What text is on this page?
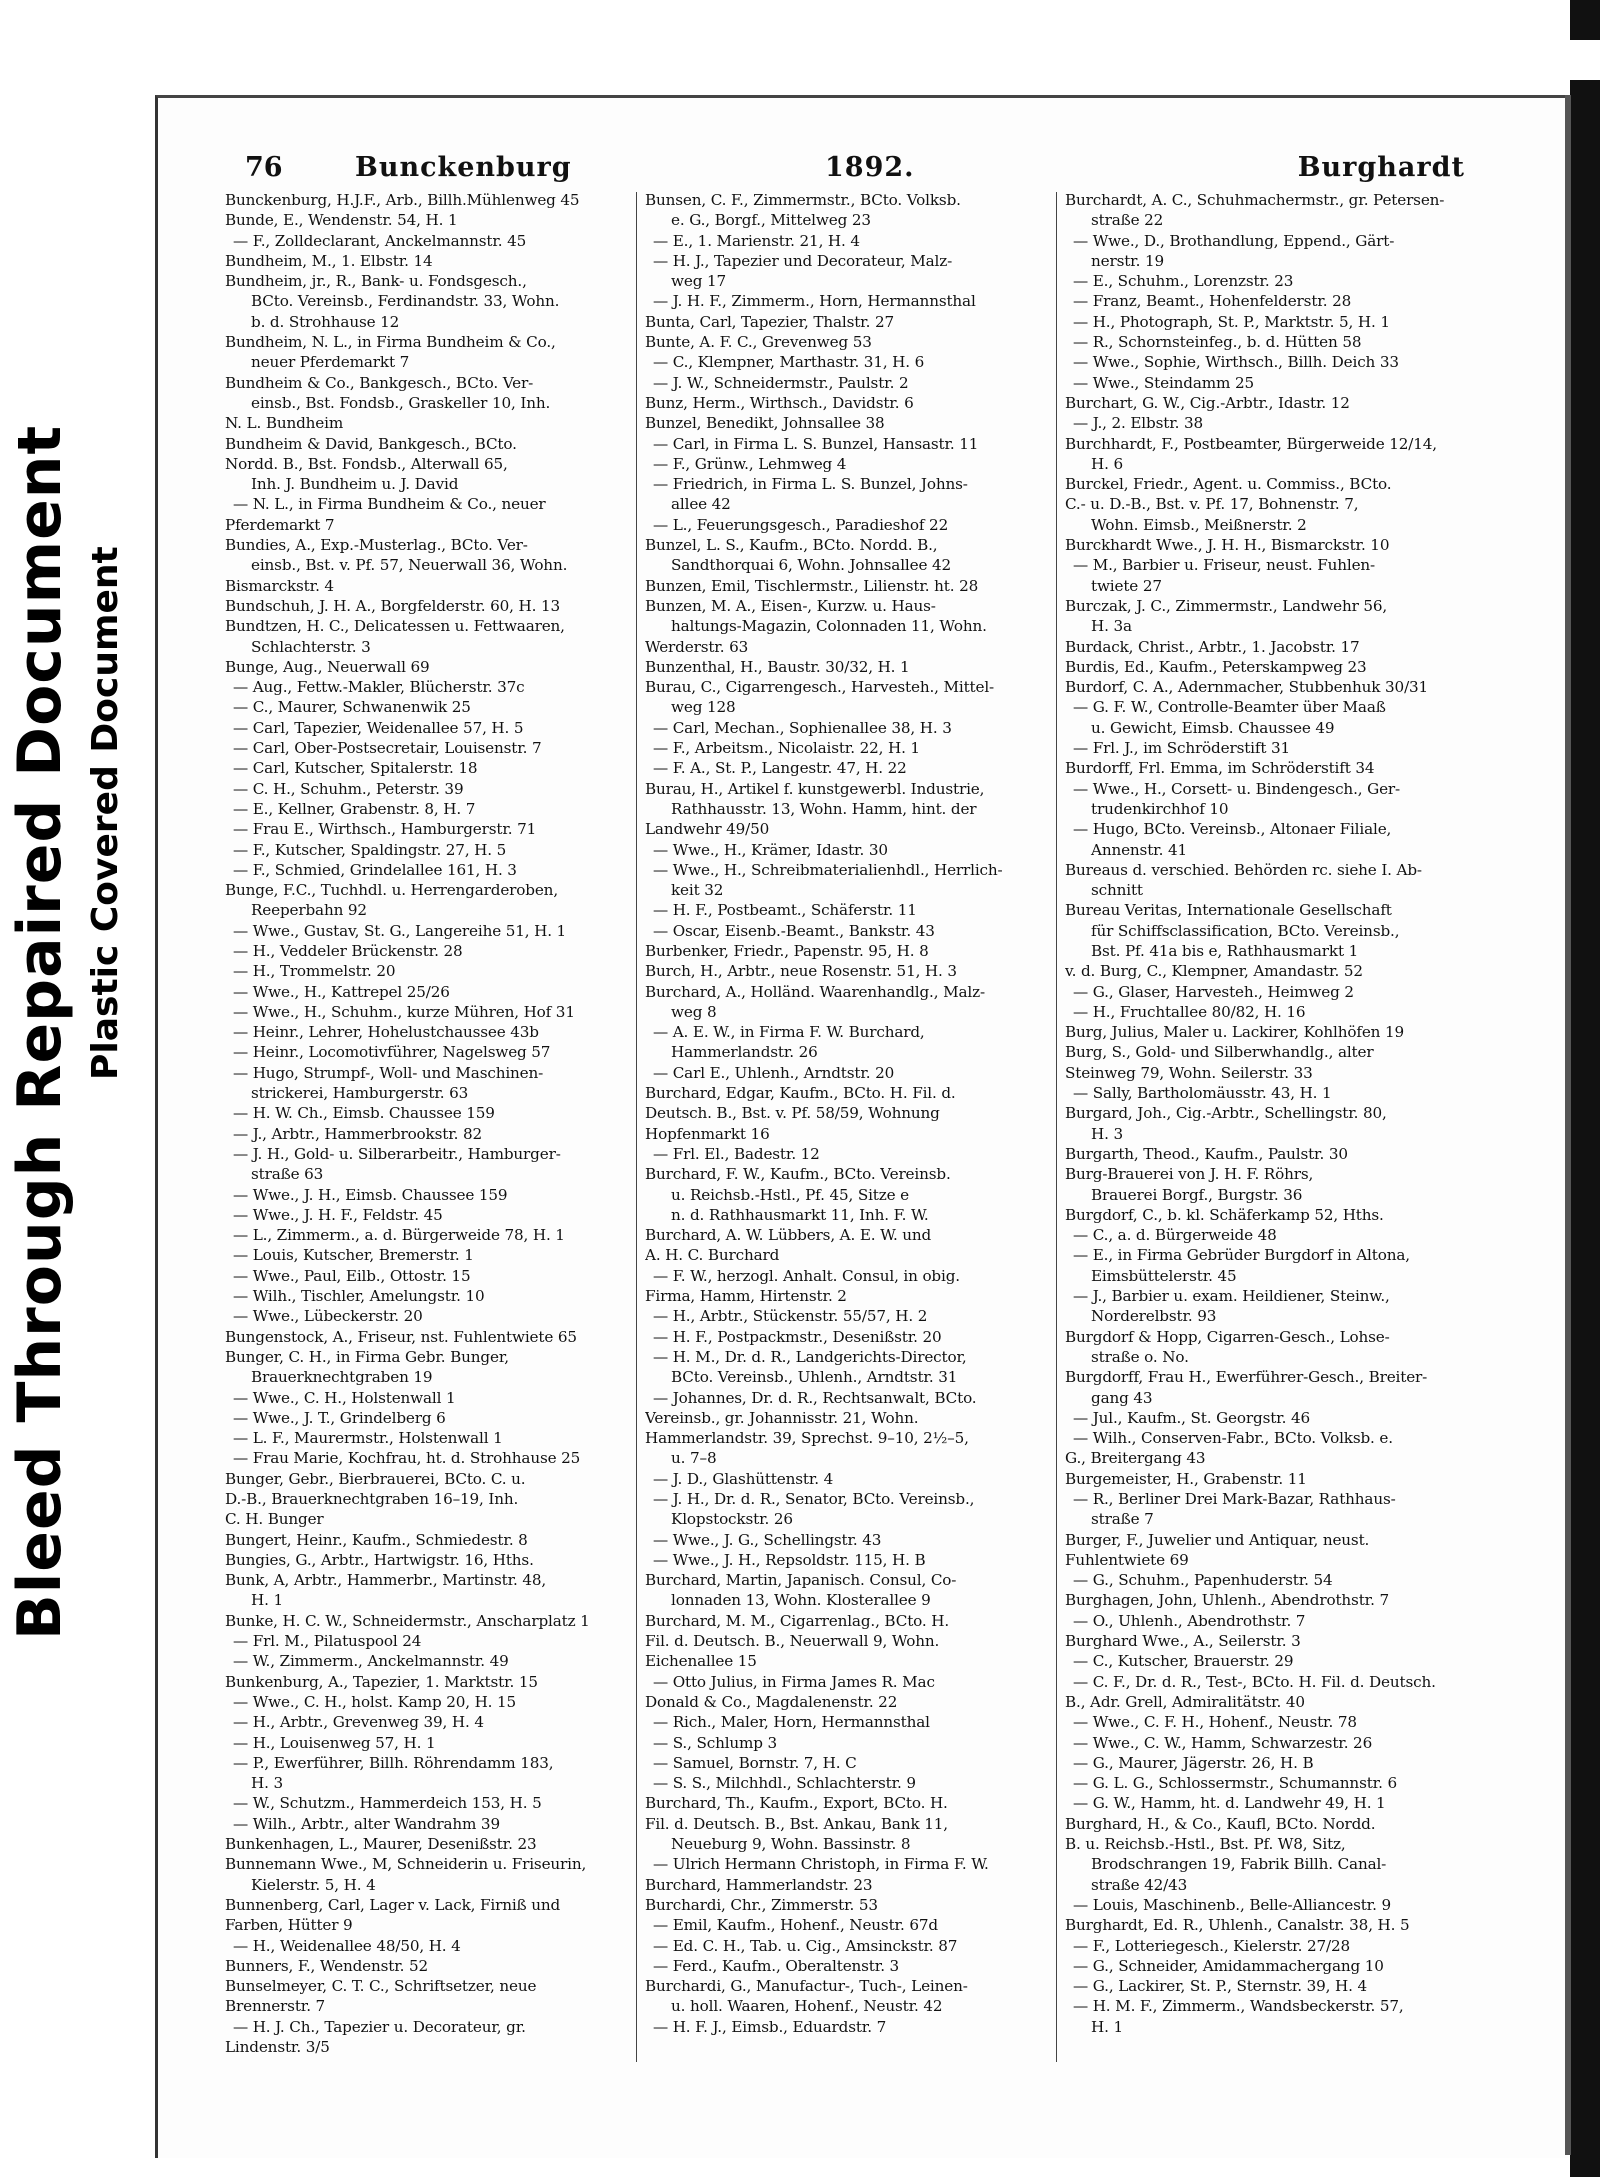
Bleed Through Repaired Document Plastic Covered Document
76	Bunckenburg	1892.	Burghardt
Bunckenburg, H.J.F., Arb., Billh.Mühlenweg 45
Bunde, E., Wendenstr. 54, H. 1
— F., Zolldeclarant, Anckelmannstr. 45
Bundheim, M., 1. Elbstr. 14
Bundheim, jr., R., Bank- u. Fondsgesch.,
BCto. Vereinsb., Ferdinandstr. 33, Wohn.
b. d. Strohhause 12
Bundheim, N. L., in Firma Bundheim & Co.,
neuer Pferdemarkt 7
Bundheim & Co., Bankgesch., BCto. Ver-
einsb., Bst. Fondsb., Graskeller 10, Inh.
N. L. Bundheim
Bundheim & David, Bankgesch., BCto.
Nordd. B., Bst. Fondsb., Alterwall 65,
Inh. J. Bundheim u. J. David
— N. L., in Firma Bundheim & Co., neuer
Pferdemarkt 7
Bundies, A., Exp.-Musterlag., BCto. Ver-
einsb., Bst. v. Pf. 57, Neuerwall 36, Wohn.
Bismarckstr. 4
Bundschuh, J. H. A., Borgfelderstr. 60, H. 13
Bundtzen, H. C., Delicatessen u. Fettwaaren,
Schlachterstr. 3
Bunge, Aug., Neuerwall 69
— Aug., Fettw.-Makler, Blücherstr. 37c
— C., Maurer, Schwanenwik 25
— Carl, Tapezier, Weidenallee 57, H. 5
— Carl, Ober-Postsecretair, Louisenstr. 7
— Carl, Kutscher, Spitalerstr. 18
— C. H., Schuhm., Peterstr. 39
— E., Kellner, Grabenstr. 8, H. 7
— Frau E., Wirthsch., Hamburgerstr. 71
— F., Kutscher, Spaldingstr. 27, H. 5
— F., Schmied, Grindelallee 161, H. 3
Bunge, F.C., Tuchhdl. u. Herrengarderoben,
Reeperbahn 92
— Wwe., Gustav, St. G., Langereihe 51, H. 1
— H., Veddeler Brückenstr. 28
— H., Trommelstr. 20
— Wwe., H., Kattrepel 25/26
— Wwe., H., Schuhm., kurze Mühren, Hof 31
— Heinr., Lehrer, Hohelustchaussee 43b
— Heinr., Locomotivführer, Nagelsweg 57
— Hugo, Strumpf-, Woll- und Maschinen-
strickerei, Hamburgerstr. 63
— H. W. Ch., Eimsb. Chaussee 159
— J., Arbtr., Hammerbrookstr. 82
— J. H., Gold- u. Silberarbeitr., Hamburger-
straße 63
— Wwe., J. H., Eimsb. Chaussee 159
— Wwe., J. H. F., Feldstr. 45
— L., Zimmerm., a. d. Bürgerweide 78, H. 1
— Louis, Kutscher, Bremerstr. 1
— Wwe., Paul, Eilb., Ottostr. 15
— Wilh., Tischler, Amelungstr. 10
— Wwe., Lübeckerstr. 20
Bungenstock, A., Friseur, nst. Fuhlentwiete 65
Bunger, C. H., in Firma Gebr. Bunger,
Brauerknechtgraben 19
— Wwe., C. H., Holstenwall 1
— Wwe., J. T., Grindelberg 6
— L. F., Maurermstr., Holstenwall 1
— Frau Marie, Kochfrau, ht. d. Strohhause 25
Bunger, Gebr., Bierbrauerei, BCto. C. u.
D.-B., Brauerknechtgraben 16–19, Inh.
C. H. Bunger
Bungert, Heinr., Kaufm., Schmiedestr. 8
Bungies, G., Arbtr., Hartwigstr. 16, Hths.
Bunk, A, Arbtr., Hammerbr., Martinstr. 48,
H. 1
Bunke, H. C. W., Schneidermstr., Anscharplatz 1
— Frl. M., Pilatuspool 24
— W., Zimmerm., Anckelmannstr. 49
Bunkenburg, A., Tapezier, 1. Marktstr. 15
— Wwe., C. H., holst. Kamp 20, H. 15
— H., Arbtr., Grevenweg 39, H. 4
— H., Louisenweg 57, H. 1
— P., Ewerführer, Billh. Röhrendamm 183,
H. 3
— W., Schutzm., Hammerdeich 153, H. 5
— Wilh., Arbtr., alter Wandrahm 39
Bunkenhagen, L., Maurer, Desenißstr. 23
Bunnemann Wwe., M, Schneiderin u. Friseurin,
Kielerstr. 5, H. 4
Bunnenberg, Carl, Lager v. Lack, Firniß und
Farben, Hütter 9
— H., Weidenallee 48/50, H. 4
Bunners, F., Wendenstr. 52
Bunselmeyer, C. T. C., Schriftsetzer, neue
Brennerstr. 7
— H. J. Ch., Tapezier u. Decorateur, gr.
Lindenstr. 3/5
Bunsen, C. F., Zimmermstr., BCto. Volksb.
e. G., Borgf., Mittelweg 23
— E., 1. Marienstr. 21, H. 4
— H. J., Tapezier und Decorateur, Malz-
weg 17
— J. H. F., Zimmerm., Horn, Hermannsthal
Bunta, Carl, Tapezier, Thalstr. 27
Bunte, A. F. C., Grevenweg 53
— C., Klempner, Marthastr. 31, H. 6
— J. W., Schneidermstr., Paulstr. 2
Bunz, Herm., Wirthsch., Davidstr. 6
Bunzel, Benedikt, Johnsallee 38
— Carl, in Firma L. S. Bunzel, Hansastr. 11
— F., Grünw., Lehmweg 4
— Friedrich, in Firma L. S. Bunzel, Johns-
allee 42
— L., Feuerungsgesch., Paradieshof 22
Bunzel, L. S., Kaufm., BCto. Nordd. B.,
Sandthorquai 6, Wohn. Johnsallee 42
Bunzen, Emil, Tischlermstr., Lilienstr. ht. 28
Bunzen, M. A., Eisen-, Kurzw. u. Haus-
haltungs-Magazin, Colonnaden 11, Wohn.
Werderstr. 63
Bunzenthal, H., Baustr. 30/32, H. 1
Burau, C., Cigarrengesch., Harvesteh., Mittel-
weg 128
— Carl, Mechan., Sophienallee 38, H. 3
— F., Arbeitsm., Nicolaistr. 22, H. 1
— F. A., St. P., Langestr. 47, H. 22
Burau, H., Artikel f. kunstgewerbl. Industrie,
Rathhausstr. 13, Wohn. Hamm, hint. der
Landwehr 49/50
— Wwe., H., Krämer, Idastr. 30
— Wwe., H., Schreibmaterialienhdl., Herrlich-
keit 32
— H. F., Postbeamt., Schäferstr. 11
— Oscar, Eisenb.-Beamt., Bankstr. 43
Burbenker, Friedr., Papenstr. 95, H. 8
Burch, H., Arbtr., neue Rosenstr. 51, H. 3
Burchard, A., Holländ. Waarenhandlg., Malz-
weg 8
— A. E. W., in Firma F. W. Burchard,
Hammerlandstr. 26
— Carl E., Uhlenh., Arndtstr. 20
Burchard, Edgar, Kaufm., BCto. H. Fil. d.
Deutsch. B., Bst. v. Pf. 58/59, Wohnung
Hopfenmarkt 16
— Frl. El., Badestr. 12
Burchard, F. W., Kaufm., BCto. Vereinsb.
u. Reichsb.-Hstl., Pf. 45, Sitze e
n. d. Rathhausmarkt 11, Inh. F. W.
Burchard, A. W. Lübbers, A. E. W. und
A. H. C. Burchard
— F. W., herzogl. Anhalt. Consul, in obig.
Firma, Hamm, Hirtenstr. 2
— H., Arbtr., Stückenstr. 55/57, H. 2
— H. F., Postpackmstr., Desenißstr. 20
— H. M., Dr. d. R., Landgerichts-Director,
BCto. Vereinsb., Uhlenh., Arndtstr. 31
— Johannes, Dr. d. R., Rechtsanwalt, BCto.
Vereinsb., gr. Johannisstr. 21, Wohn.
Hammerlandstr. 39, Sprechst. 9–10, 2½–5,
u. 7–8
— J. D., Glashüttenstr. 4
— J. H., Dr. d. R., Senator, BCto. Vereinsb.,
Klopstockstr. 26
— Wwe., J. G., Schellingstr. 43
— Wwe., J. H., Repsoldstr. 115, H. B
Burchard, Martin, Japanisch. Consul, Co-
lonnaden 13, Wohn. Klosterallee 9
Burchard, M. M., Cigarrenlag., BCto. H.
Fil. d. Deutsch. B., Neuerwall 9, Wohn.
Eichenallee 15
— Otto Julius, in Firma James R. Mac
Donald & Co., Magdalenenstr. 22
— Rich., Maler, Horn, Hermannsthal
— S., Schlump 3
— Samuel, Bornstr. 7, H. C
— S. S., Milchhdl., Schlachterstr. 9
Burchard, Th., Kaufm., Export, BCto. H.
Fil. d. Deutsch. B., Bst. Ankau, Bank 11,
Neueburg 9, Wohn. Bassinstr. 8
— Ulrich Hermann Christoph, in Firma F. W.
Burchard, Hammerlandstr. 23
Burchardi, Chr., Zimmerstr. 53
— Emil, Kaufm., Hohenf., Neustr. 67d
— Ed. C. H., Tab. u. Cig., Amsinckstr. 87
— Ferd., Kaufm., Oberaltenstr. 3
Burchardi, G., Manufactur-, Tuch-, Leinen-
u. holl. Waaren, Hohenf., Neustr. 42
— H. F. J., Eimsb., Eduardstr. 7
Burchardt, A. C., Schuhmachermstr., gr. Petersen-
straße 22
— Wwe., D., Brothandlung, Eppend., Gärt-
nerstr. 19
— E., Schuhm., Lorenzstr. 23
— Franz, Beamt., Hohenfelderstr. 28
— H., Photograph, St. P., Marktstr. 5, H. 1
— R., Schornsteinfeg., b. d. Hütten 58
— Wwe., Sophie, Wirthsch., Billh. Deich 33
— Wwe., Steindamm 25
Burchart, G. W., Cig.-Arbtr., Idastr. 12
— J., 2. Elbstr. 38
Burchhardt, F., Postbeamter, Bürgerweide 12/14,
H. 6
Burckel, Friedr., Agent. u. Commiss., BCto.
C.- u. D.-B., Bst. v. Pf. 17, Bohnenstr. 7,
Wohn. Eimsb., Meißnerstr. 2
Burckhardt Wwe., J. H. H., Bismarckstr. 10
— M., Barbier u. Friseur, neust. Fuhlen-
twiete 27
Burczak, J. C., Zimmermstr., Landwehr 56,
H. 3a
Burdack, Christ., Arbtr., 1. Jacobstr. 17
Burdis, Ed., Kaufm., Peterskampweg 23
Burdorf, C. A., Adernmacher, Stubbenhuk 30/31
— G. F. W., Controlle-Beamter über Maaß
u. Gewicht, Eimsb. Chaussee 49
— Frl. J., im Schröderstift 31
Burdorff, Frl. Emma, im Schröderstift 34
— Wwe., H., Corsett- u. Bindengesch., Ger-
trudenkirchhof 10
— Hugo, BCto. Vereinsb., Altonaer Filiale,
Annenstr. 41
Bureaus d. verschied. Behörden rc. siehe I. Ab-
schnitt
Bureau Veritas, Internationale Gesellschaft
für Schiffsclassification, BCto. Vereinsb.,
Bst. Pf. 41a bis e, Rathhausmarkt 1
v. d. Burg, C., Klempner, Amandastr. 52
— G., Glaser, Harvesteh., Heimweg 2
— H., Fruchtallee 80/82, H. 16
Burg, Julius, Maler u. Lackirer, Kohlhöfen 19
Burg, S., Gold- und Silberwhandlg., alter
Steinweg 79, Wohn. Seilerstr. 33
— Sally, Bartholomäusstr. 43, H. 1
Burgard, Joh., Cig.-Arbtr., Schellingstr. 80,
H. 3
Burgarth, Theod., Kaufm., Paulstr. 30
Burg-Brauerei von J. H. F. Röhrs,
Brauerei Borgf., Burgstr. 36
Burgdorf, C., b. kl. Schäferkamp 52, Hths.
— C., a. d. Bürgerweide 48
— E., in Firma Gebrüder Burgdorf in Altona,
Eimsbüttelerstr. 45
— J., Barbier u. exam. Heildiener, Steinw.,
Norderelbstr. 93
Burgdorf & Hopp, Cigarren-Gesch., Lohse-
straße o. No.
Burgdorff, Frau H., Ewerführer-Gesch., Breiter-
gang 43
— Jul., Kaufm., St. Georgstr. 46
— Wilh., Conserven-Fabr., BCto. Volksb. e.
G., Breitergang 43
Burgemeister, H., Grabenstr. 11
— R., Berliner Drei Mark-Bazar, Rathhaus-
straße 7
Burger, F., Juwelier und Antiquar, neust.
Fuhlentwiete 69
— G., Schuhm., Papenhuderstr. 54
Burghagen, John, Uhlenh., Abendrothstr. 7
— O., Uhlenh., Abendrothstr. 7
Burghard Wwe., A., Seilerstr. 3
— C., Kutscher, Brauerstr. 29
— C. F., Dr. d. R., Test-, BCto. H. Fil. d. Deutsch.
B., Adr. Grell, Admiralitätstr. 40
— Wwe., C. F. H., Hohenf., Neustr. 78
— Wwe., C. W., Hamm, Schwarzestr. 26
— G., Maurer, Jägerstr. 26, H. B
— G. L. G., Schlossermstr., Schumannstr. 6
— G. W., Hamm, ht. d. Landwehr 49, H. 1
Burghard, H., & Co., Kaufl, BCto. Nordd.
B. u. Reichsb.-Hstl., Bst. Pf. W8, Sitz,
Brodschrangen 19, Fabrik Billh. Canal-
straße 42/43
— Louis, Maschinenb., Belle-Alliancestr. 9
Burghardt, Ed. R., Uhlenh., Canalstr. 38, H. 5
— F., Lotteriegesch., Kielerstr. 27/28
— G., Schneider, Amidammachergang 10
— G., Lackirer, St. P., Sternstr. 39, H. 4
— H. M. F., Zimmerm., Wandsbeckerstr. 57,
H. 1
